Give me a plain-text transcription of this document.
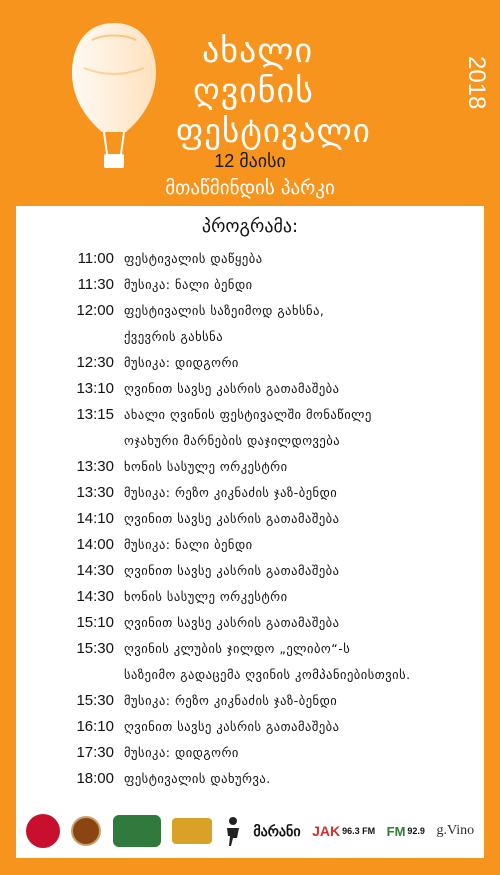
ახალი
ღვინის
ფესტივალი
2018
12 მაისი
მთაწმინდის პარკი
პროგრამა:
11:00 ფესტივალის დაწყება
11:30 მუსიკა: ნალი ბენდი
12:00 ფესტივალის საზეიმოდ გახსნა,
ქვევრის გახსნა
12:30 მუსიკა: დიდგორი
13:10 ღვინით სავსე კასრის გათამაშება
13:15 ახალი ღვინის ფესტივალში მონაწილე
ოჯახური მარნების დაჯილდოვება
13:30 ხონის სასულე ორკესტრი
13:30 მუსიკა: რეზო კიკნაძის ჯაზ-ბენდი
14:10 ღვინით სავსე კასრის გათამაშება
14:00 მუსიკა: ნალი ბენდი
14:30 ღვინით სავსე კასრის გათამაშება
14:30 ხონის სასულე ორკესტრი
15:10 ღვინით სავსე კასრის გათამაშება
15:30 ღვინის კლუბის ჯილდო „ელიბო“-ს
საზეიმო გადაცემა ღვინის კომპანიებისთვის.
15:30 მუსიკა: რეზო კიკნაძის ჯაზ-ბენდი
16:10 ღვინით სავსე კასრის გათამაშება
17:30 მუსიკა: დიდგორი
18:00 ფესტივალის დახურვა.
მარანი JAK 96.3 FM FM 92.9 g.Vino
